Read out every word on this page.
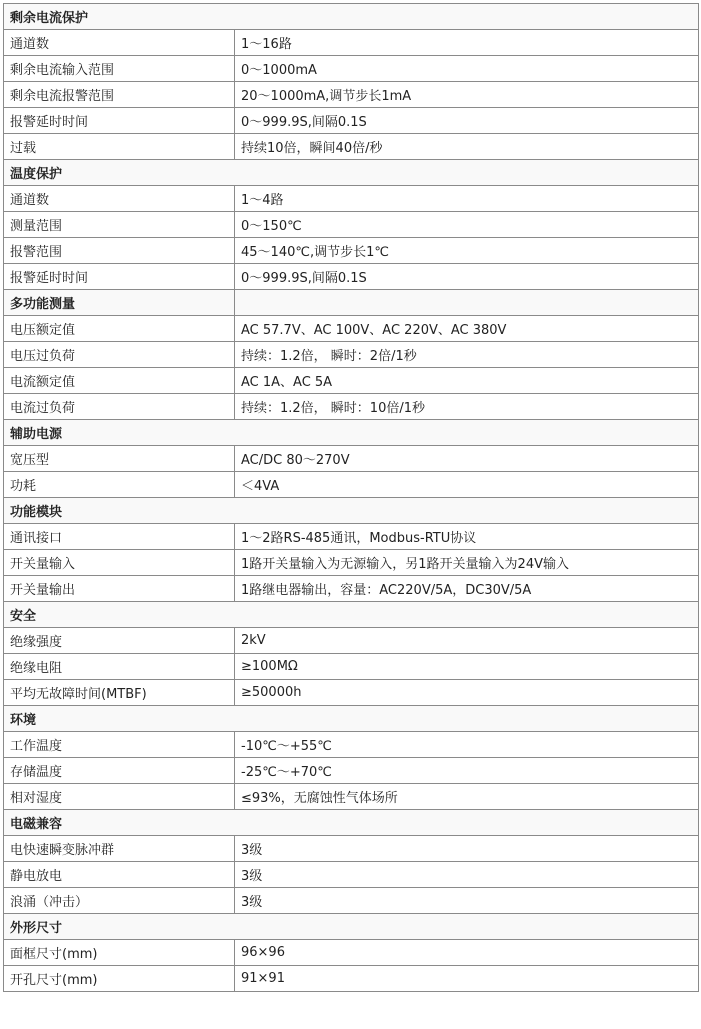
剩余电流保护	
通道数	1～16路
剩余电流输入范围	0～1000mA
剩余电流报警范围	20～1000mA,调节步长1mA
报警延时时间	0～999.9S,间隔0.1S
过载	持续10倍，瞬间40倍/秒
温度保护	
通道数	1～4路
测量范围	0～150℃
报警范围	45～140℃,调节步长1℃
报警延时时间	0～999.9S,间隔0.1S
多功能测量	
电压额定值	AC 57.7V、AC 100V、AC 220V、AC 380V
电压过负荷	持续：1.2倍， 瞬时：2倍/1秒
电流额定值	AC 1A、AC 5A
电流过负荷	持续：1.2倍， 瞬时：10倍/1秒
辅助电源	
宽压型	AC/DC 80～270V
功耗	＜4VA
功能模块	
通讯接口	1～2路RS-485通讯，Modbus-RTU协议
开关量输入	1路开关量输入为无源输入，另1路开关量输入为24V输入
开关量输出	1路继电器输出，容量：AC220V/5A，DC30V/5A
安全	
绝缘强度	2kV
绝缘电阻	≥100MΩ
平均无故障时间(MTBF)	≥50000h
环境	
工作温度	-10℃～+55℃
存储温度	-25℃～+70℃
相对湿度	≤93%，无腐蚀性气体场所
电磁兼容	
电快速瞬变脉冲群	3级
静电放电	3级
浪涌（冲击）	3级
外形尺寸	
面框尺寸(mm)	96×96
开孔尺寸(mm)	91×91
